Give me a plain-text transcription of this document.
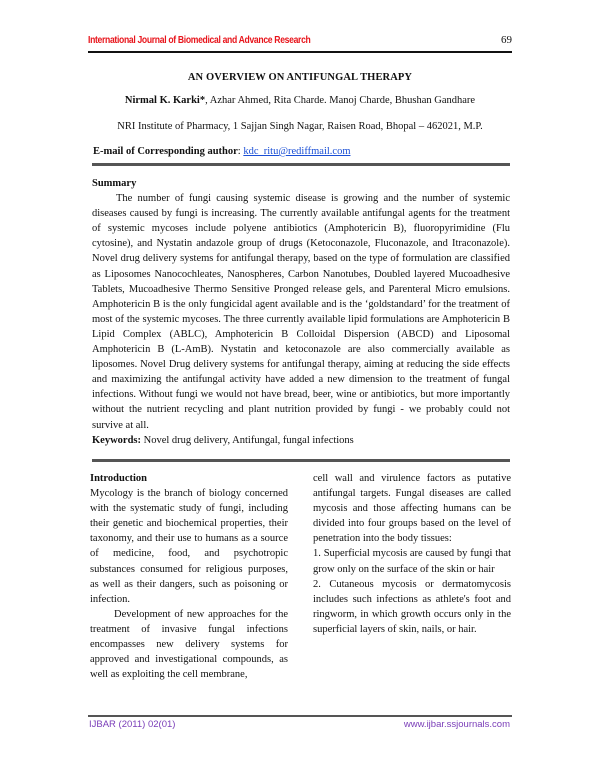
International Journal of Biomedical and Advance Research	69
AN OVERVIEW ON ANTIFUNGAL THERAPY
Nirmal K. Karki*, Azhar Ahmed, Rita Charde. Manoj Charde, Bhushan Gandhare
NRI Institute of Pharmacy, 1 Sajjan Singh Nagar, Raisen Road, Bhopal – 462021, M.P.
E-mail of Corresponding author: kdc_ritu@rediffmail.com
Summary

The number of fungi causing systemic disease is growing and the number of systemic diseases caused by fungi is increasing. The currently available antifungal agents for the treatment of systemic mycoses include polyene antibiotics (Amphotericin B), fluoropyrimidine (Flu cytosine), and Nystatin andazole group of drugs (Ketoconazole, Fluconazole, and Itraconazole). Novel drug delivery systems for antifungal therapy, based on the type of formulation are classified as Liposomes Nanocochleates, Nanospheres, Carbon Nanotubes, Doubled layered Mucoadhesive Tablets, Mucoadhesive Thermo Sensitive Pronged release gels, and Parenteral Micro emulsions. Amphotericin B is the only fungicidal agent available and is the ‘goldstandard’ for the treatment of most of the systemic mycoses. The three currently available lipid formulations are Amphotericin B Lipid Complex (ABLC), Amphotericin B Colloidal Dispersion (ABCD) and Liposomal Amphotericin B (L-AmB). Nystatin and ketoconazole are also commercially available as liposomes. Novel Drug delivery systems for antifungal therapy, aiming at reducing the side effects and maximizing the antifungal activity have added a new dimension to the treatment of fungal infections. Without fungi we would not have bread, beer, wine or antibiotics, but more importantly without the nutrient recycling and plant nutrition provided by fungi - we probably could not survive at all.

Keywords: Novel drug delivery, Antifungal, fungal infections
Introduction

Mycology is the branch of biology concerned with the systematic study of fungi, including their genetic and biochemical properties, their taxonomy, and their use to humans as a source of medicine, food, and psychotropic substances consumed for religious purposes, as well as their dangers, such as poisoning or infection.

Development of new approaches for the treatment of invasive fungal infections encompasses new delivery systems for approved and investigational compounds, as well as exploiting the cell membrane,

cell wall and virulence factors as putative antifungal targets. Fungal diseases are called mycosis and those affecting humans can be divided into four groups based on the level of penetration into the body tissues:

1. Superficial mycosis are caused by fungi that grow only on the surface of the skin or hair

2. Cutaneous mycosis or dermatomycosis includes such infections as athlete's foot and ringworm, in which growth occurs only in the superficial layers of skin, nails, or hair.

IJBAR (2011) 02(01)	www.ijbar.ssjournals.com
